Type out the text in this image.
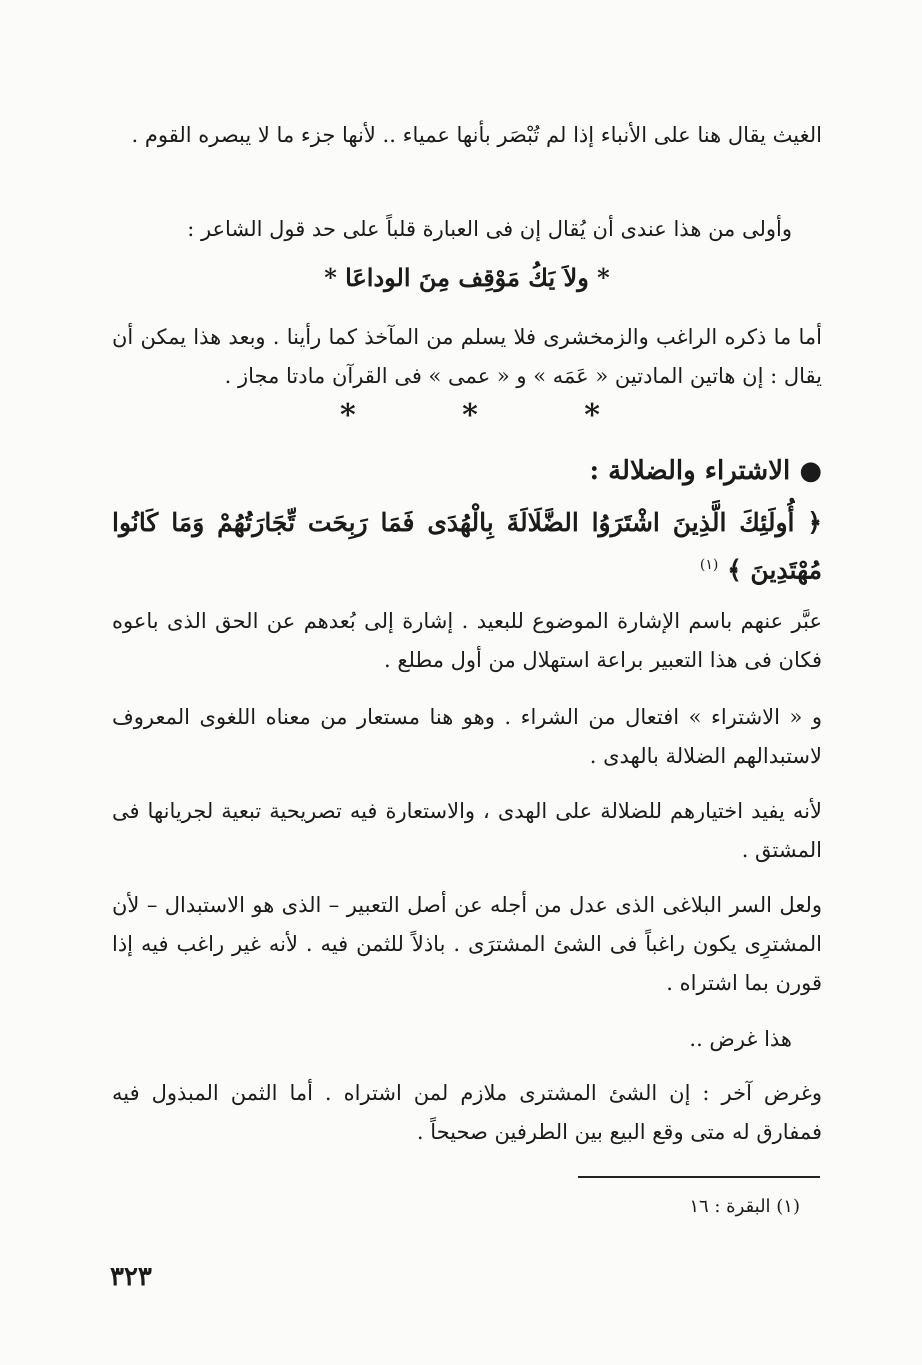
الغيث يقال هنا على الأنباء إذا لم تُبْصَر بأنها عمياء .. لأنها جزء ما لا يبصره القوم .

وأولى من هذا عندى أن يُقال إن فى العبارة قلباً على حد قول الشاعر :

* ولاَ يَكُ مَوْقِف مِنَ الوداعَا *

أما ما ذكره الراغب والزمخشرى فلا يسلم من المآخذ كما رأينا . وبعد هذا يمكن أن يقال : إن هاتين المادتين « عَمَه » و « عمى » فى القرآن مادتا مجاز .

*	*	*
● الاشتراء والضلالة :
﴿ أُولَئِكَ الَّذِينَ اشْتَرَوُا الضَّلَالَةَ بِالْهُدَى فَمَا رَبِحَت تِّجَارَتُهُمْ وَمَا كَانُوا مُهْتَدِينَ ﴾ $^{(١)}$

عبَّر عنهم باسم الإشارة الموضوع للبعيد . إشارة إلى بُعدهم عن الحق الذى باعوه فكان فى هذا التعبير براعة استهلال من أول مطلع .

و « الاشتراء » افتعال من الشراء . وهو هنا مستعار من معناه اللغوى المعروف لاستبدالهم الضلالة بالهدى .

لأنه يفيد اختيارهم للضلالة على الهدى ، والاستعارة فيه تصريحية تبعية لجريانها فى المشتق .

ولعل السر البلاغى الذى عدل من أجله عن أصل التعبير – الذى هو الاستبدال – لأن المشترِى يكون راغباً فى الشئ المشترَى . باذلاً للثمن فيه . لأنه غير راغب فيه إذا قورن بما اشتراه .

هذا غرض ..

وغرض آخر : إن الشئ المشترى ملازم لمن اشتراه . أما الثمن المبذول فيه فمفارق له متى وقع البيع بين الطرفين صحيحاً .

(١) البقرة : ١٦
٣٢٣
